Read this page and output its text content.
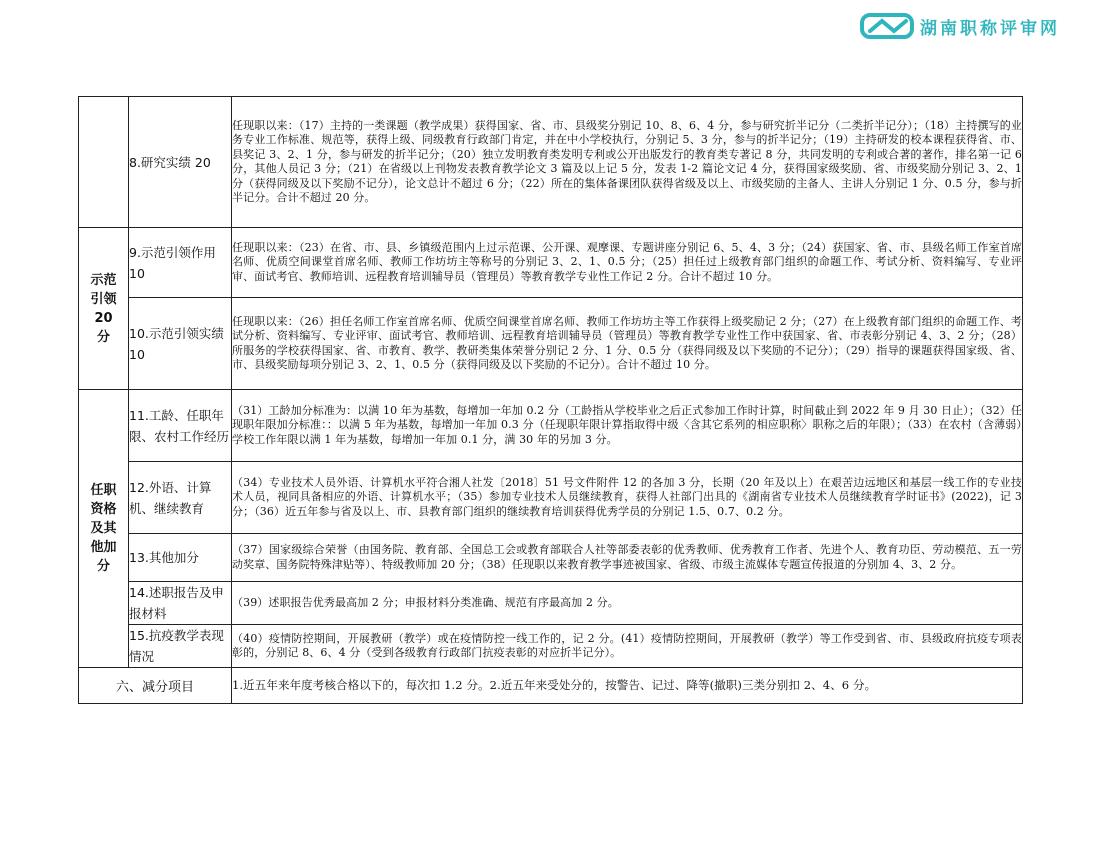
湖南职称评审网
	8.研究实绩 20	任现职以来：（17）主持的一类课题（教学成果）获得国家、省、市、县级奖分别记 10、8、6、4 分，参与研究折半记分（二类折半记分）；（18）主持撰写的业务专业工作标准、规范等，获得上级、同级教育行政部门肯定，并在中小学校执行，分别记 5、3 分，参与的折半记分；（19）主持研发的校本课程获得省、市、县奖记 3、2、1 分，参与研发的折半记分；（20）独立发明教育类发明专利或公开出版发行的教育类专著记 8 分，共同发明的专利或合著的著作，排名第一记 6 分，其他人员记 3 分；（21）在省级以上刊物发表教育教学论文 3 篇及以上记 5 分，发表 1-2 篇论文记 4 分，获得国家级奖励、省、市级奖励分别记 3、2、1 分（获得同级及以下奖励不记分），论文总计不超过 6 分；（22）所在的集体备课团队获得省级及以上、市级奖励的主备人、主讲人分别记 1 分、0.5 分，参与折半记分。合计不超过 20 分。
示范引领 20 分	9.示范引领作用 10	任现职以来：（23）在省、市、县、乡镇级范围内上过示范课、公开课、观摩课、专题讲座分别记 6、5、4、3 分；（24）获国家、省、市、县级名师工作室首席名师、优质空间课堂首席名师、教师工作坊坊主等称号的分别记 3、2、1、0.5 分；（25）担任过上级教育部门组织的命题工作、考试分析、资料编写、专业评审、面试考官、教师培训、远程教育培训辅导员（管理员）等教育教学专业性工作记 2 分。合计不超过 10 分。
	10.示范引领实绩 10	任现职以来：（26）担任名师工作室首席名师、优质空间课堂首席名师、教师工作坊坊主等工作获得上级奖励记 2 分；（27）在上级教育部门组织的命题工作、考试分析、资料编写、专业评审、面试考官、教师培训、远程教育培训辅导员（管理员）等教育教学专业性工作中获国家、省、市表彰分别记 4、3、2 分；（28）所服务的学校获得国家、省、市教育、教学、教研类集体荣誉分别记 2 分、1 分、0.5 分（获得同级及以下奖励的不记分）；（29）指导的课题获得国家级、省、市、县级奖励每项分别记 3、2、1、0.5 分（获得同级及以下奖励的不记分）。合计不超过 10 分。
任职资格及其他加分	11.工龄、任职年限、农村工作经历	（31）工龄加分标准为：以满 10 年为基数，每增加一年加 0.2 分（工龄指从学校毕业之后正式参加工作时计算，时间截止到 2022 年 9 月 30 日止）；（32）任现职年限加分标准：：以满 5 年为基数，每增加一年加 0.3 分（任现职年限计算指取得中级〈含其它系列的相应职称〉职称之后的年限）；（33）在农村（含薄弱）学校工作年限以满 1 年为基数，每增加一年加 0.1 分，满 30 年的另加 3 分。
	12.外语、计算机、继续教育	（34）专业技术人员外语、计算机水平符合湘人社发〔2018〕51 号文件附件 12 的各加 3 分，长期（20 年及以上）在艰苦边远地区和基层一线工作的专业技术人员，视同具备相应的外语、计算机水平；（35）参加专业技术人员继续教育，获得人社部门出具的《湖南省专业技术人员继续教育学时证书》(2022)，记 3 分；（36）近五年参与省及以上、市、县教育部门组织的继续教育培训获得优秀学员的分别记 1.5、0.7、0.2 分。
	13.其他加分	（37）国家级综合荣誉（由国务院、教育部、全国总工会或教育部联合人社等部委表彰的优秀教师、优秀教育工作者、先进个人、教育功臣、劳动模范、五一劳动奖章、国务院特殊津贴等）、特级教师加 20 分；（38）任现职以来教育教学事迹被国家、省级、市级主流媒体专题宣传报道的分别加 4、3、2 分。
	14.述职报告及申报材料	（39）述职报告优秀最高加 2 分；申报材料分类准确、规范有序最高加 2 分。
	15.抗疫教学表现情况	（40）疫情防控期间，开展教研（教学）或在疫情防控一线工作的，记 2 分。(41）疫情防控期间，开展教研（教学）等工作受到省、市、县级政府抗疫专项表彰的，分别记 8、6、4 分（受到各级教育行政部门抗疫表彰的对应折半记分）。
六、减分项目		1.近五年来年度考核合格以下的，每次扣 1.2 分。2.近五年来受处分的，按警告、记过、降等(撤职)三类分别扣 2、4、6 分。
